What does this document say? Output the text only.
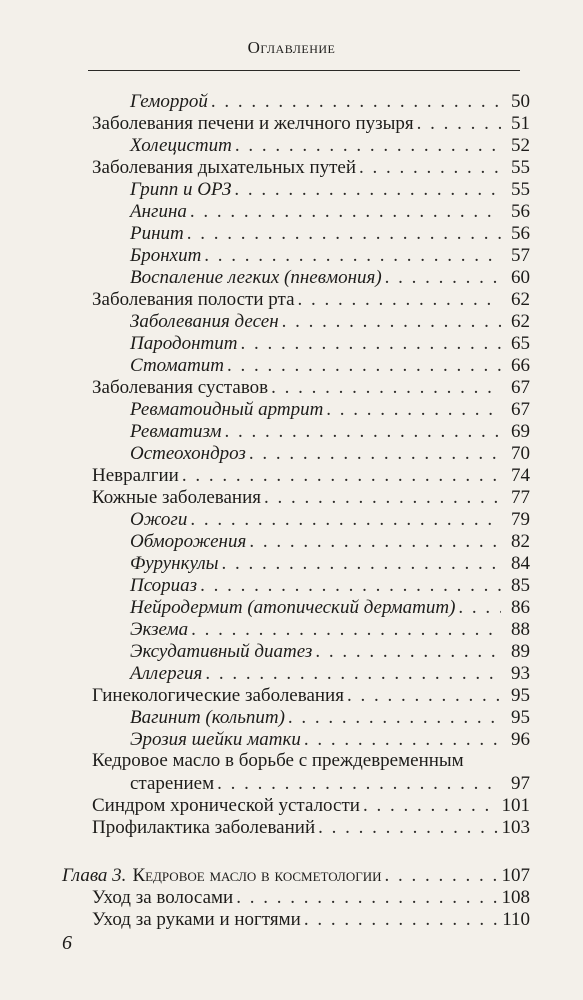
Оглавление
Геморрой . . .	50
Заболевания печени и желчного пузыря . . .	51
Холецистит . . .	52
Заболевания дыхательных путей . . .	55
Грипп и ОРЗ . . .	55
Ангина . . .	56
Ринит . . .	56
Бронхит . . .	57
Воспаление легких (пневмония) . . .	60
Заболевания полости рта . . .	62
Заболевания десен . . .	62
Пародонтит . . .	65
Стоматит . . .	66
Заболевания суставов . . .	67
Ревматоидный артрит . . .	67
Ревматизм . . .	69
Остеохондроз . . .	70
Невралгии . . .	74
Кожные заболевания . . .	77
Ожоги . . .	79
Обморожения . . .	82
Фурункулы . . .	84
Псориаз . . .	85
Нейродермит (атопический дерматит) . . .	86
Экзема . . .	88
Эксудативный диатез . . .	89
Аллергия . . .	93
Гинекологические заболевания . . .	95
Вагинит (кольпит) . . .	95
Эрозия шейки матки . . .	96
Кедровое масло в борьбе с преждевременным
старением . . .	97
Синдром хронической усталости . . .	101
Профилактика заболеваний . . .	103
Глава 3. Кедровое масло в косметологии . . .	107
Уход за волосами . . .	108
Уход за руками и ногтями . . .	110
6
